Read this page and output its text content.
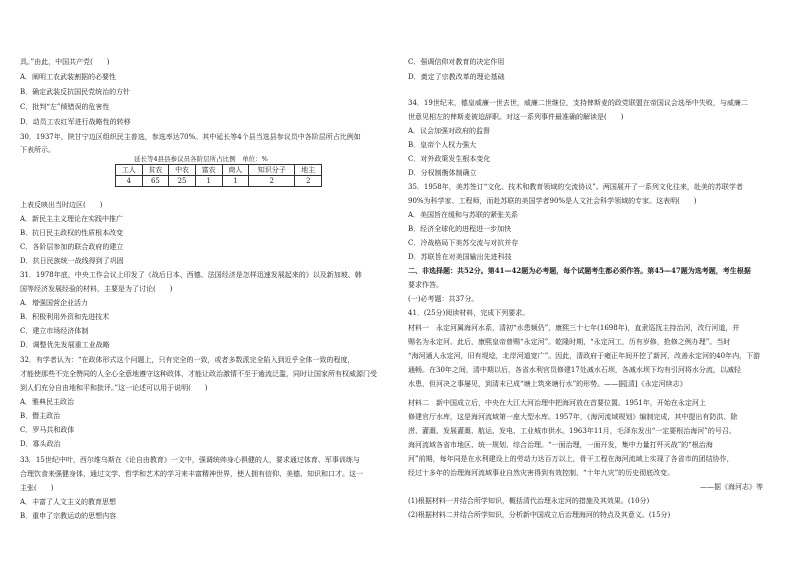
具。”由此，中国共产党(　　)
A．阐明工农武装割据的必要性
B．确定武装反抗国民党统治的方针
C．批判“左”倾错误的危害性
D．动员工农红军进行战略性的转移
30．1937年，陕甘宁边区组织民主普选，参选率达70%。其中延长等4个县当选县参议员中各阶层所占比例如
下表所示。
延长等4县县参议员各阶层所占比例　单位：%
工人	贫农	中农	富农	商人	知识分子	地主
4	65	25	1	1	2	2
上表反映出当时边区(　　)
A．新民主主义理论在实践中推广
B．抗日民主政权的性质根本改变
C．各阶层参加的联合政府的建立
D．抗日民族统一战线得到了巩固
31．1978年底，中央工作会议上印发了《战后日本、西德、法国经济是怎样迅速发展起来的》以及新加坡、韩
国等经济发展经验的材料，主要是为了讨论(　　)
A．增强国营企业活力
B．积极利用外资和先进技术
C．建立市场经济体制
D．调整优先发展重工业战略
32．有学者认为：“在政体形式这个问题上，只有完全的一致，或者多数派完全陷入到近乎全体一致的程度，
才能使那些不完全赞同的人全心全意地遵守这种政体，才能让政治激情不至于逾流泛滥，同时让国家所有权威源门受
到人们充分自由地和平和批评。”这一论述可以用于说明(　　)
A．雅典民主政治
B．僭主政治
C．罗马共和政体
D．寡头政治
33．15世纪中叶，西尔维乌斯在《论自由教育》一文中，强调统帅身心俱健的人，要求通过体育、军事训练与
合理饮食来强健身体，通过文学、哲学和艺术的学习来丰富精神世界，使人拥有信仰、美德、知识和口才。这一
主张(　　)
A．丰富了人文主义的教育思想
B．重申了宗教运动的思想内容
C．强调信仰对教育的决定作用
D．奠定了宗教改革的理论基础
34．19世纪末，德皇威廉一世去世，威廉二世继位，支持俾斯麦的政党联盟在帝国议会选举中失败，与威廉二
世意见相左的俾斯麦被迫辞职。对这一系列事件最准确的解读是(　　)
A．议会加强对政府的监督
B．皇帝个人权力强大
C．对外政策发生根本变化
D．分权制衡体制确立
35．1958年，美苏签订“文化、技术和教育领域的交流协议”。两国展开了一系列文化往来，赴美的苏联学者
90%为科学家、工程师，而赴苏联的美国学者90%是人文社会科学领域的专家。这表明(　　)
A．美国旨在缓和与苏联的紧张关系
B．经济全球化的进程进一步加快
C．冷战格局下美苏交流与对抗并存
D．苏联旨在对美国输出先进科技
二、非选择题：共52分。第41—42题为必考题，每个试题考生都必须作答。第45—47题为选考题，考生根据
要求作答。
(一)必考题：共37分。
41．(25分)阅读材料，完成下列要求。
材料一　永定河属海河水系，清初“水患频仍”，康熙三十七年(1698年)，直隶巡抚主持治河，改行河道，并
赐名为永定河。此后，康熙皇帝曾赐“永定河”。乾隆时期，“永定河工，历有岁修，抢修之例办理”。当时
“海河通人永定河，旧有堤埝，北岸河道宽广”。因此，清政府于雍正年间开挖了新河，改善永定河的40年内，下游
通畅。在30年之间，清中期以后，各省水利官员修建17处减水石坝，各减水坝下均有引河将水分流，以减轻
水患，但河决之事屡见，到清末已成“塘上筑来塘行水”的形势。——据[清]《永定河续志》
材料二　新中国成立后，中央在大江大河治理中把海河放在首要位置。1951年，开始在永定河上
修建官厅水库，这是海河流域第一座大型水库。1957年，《海河流域规划》编制完成，其中提出有防洪、除
涝、灌溉、发展灌溉、航运、发电、工业城市供水。1963年11月，毛泽东发出“一定要根治海河”的号召。
海河流域各省市地区、统一规划、综合治理。“一面治理，一面开发，集中力量打歼灭战”的“根治海
河”前期，每年同是在水利建设上的劳动力达百万以上，骨干工程在海河流域上实现了各省市的团结协作，
经过十多年的治理海河流域事业自然灾害得到有效控制，“十年九灾”的历史彻底改变。
——据《海河志》等
(1)根据材料一并结合所学知识，概括清代治理永定河的措施及其效果。(10分)
(2)根据材料二并结合所学知识，分析新中国成立后治理海河的特点及其意义。(15分)
